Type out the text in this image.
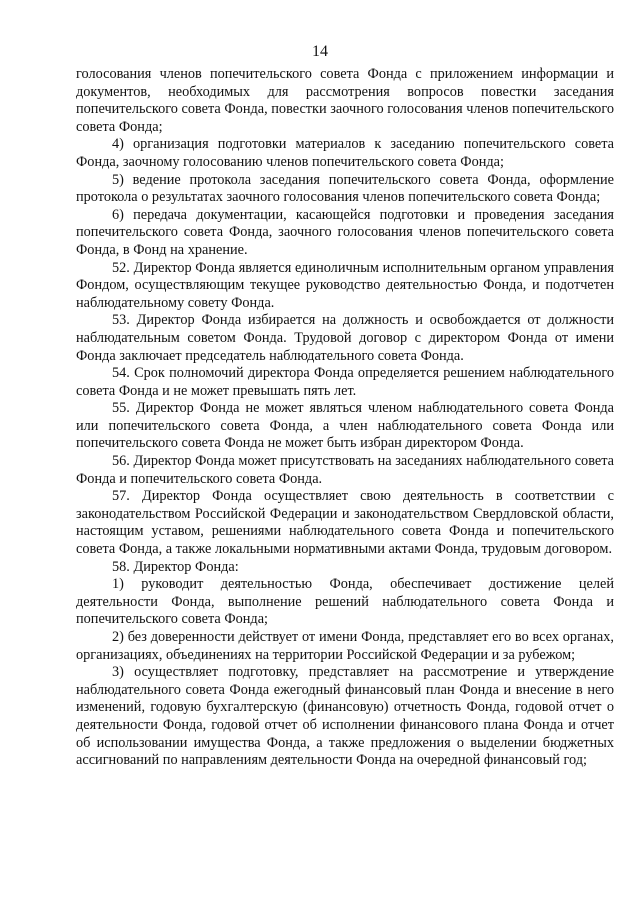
14

голосования членов попечительского совета Фонда с приложением информации и документов, необходимых для рассмотрения вопросов повестки заседания попечительского совета Фонда, повестки заочного голосования членов попечительского совета Фонда;

4) организация подготовки материалов к заседанию попечительского совета Фонда, заочному голосованию членов попечительского совета Фонда;

5) ведение протокола заседания попечительского совета Фонда, оформление протокола о результатах заочного голосования членов попечительского совета Фонда;

6) передача документации, касающейся подготовки и проведения заседания попечительского совета Фонда, заочного голосования членов попечительского совета Фонда, в Фонд на хранение.

52. Директор Фонда является единоличным исполнительным органом управления Фондом, осуществляющим текущее руководство деятельностью Фонда, и подотчетен наблюдательному совету Фонда.

53. Директор Фонда избирается на должность и освобождается от должности наблюдательным советом Фонда. Трудовой договор с директором Фонда от имени Фонда заключает председатель наблюдательного совета Фонда.

54. Срок полномочий директора Фонда определяется решением наблюдательного совета Фонда и не может превышать пять лет.

55. Директор Фонда не может являться членом наблюдательного совета Фонда или попечительского совета Фонда, а член наблюдательного совета Фонда или попечительского совета Фонда не может быть избран директором Фонда.

56. Директор Фонда может присутствовать на заседаниях наблюдательного совета Фонда и попечительского совета Фонда.

57. Директор Фонда осуществляет свою деятельность в соответствии с законодательством Российской Федерации и законодательством Свердловской области, настоящим уставом, решениями наблюдательного совета Фонда и попечительского совета Фонда, а также локальными нормативными актами Фонда, трудовым договором.

58. Директор Фонда:

1) руководит деятельностью Фонда, обеспечивает достижение целей деятельности Фонда, выполнение решений наблюдательного совета Фонда и попечительского совета Фонда;

2) без доверенности действует от имени Фонда, представляет его во всех органах, организациях, объединениях на территории Российской Федерации и за рубежом;

3) осуществляет подготовку, представляет на рассмотрение и утверждение наблюдательного совета Фонда ежегодный финансовый план Фонда и внесение в него изменений, годовую бухгалтерскую (финансовую) отчетность Фонда, годовой отчет о деятельности Фонда, годовой отчет об исполнении финансового плана Фонда и отчет об использовании имущества Фонда, а также предложения о выделении бюджетных ассигнований по направлениям деятельности Фонда на очередной финансовый год;
